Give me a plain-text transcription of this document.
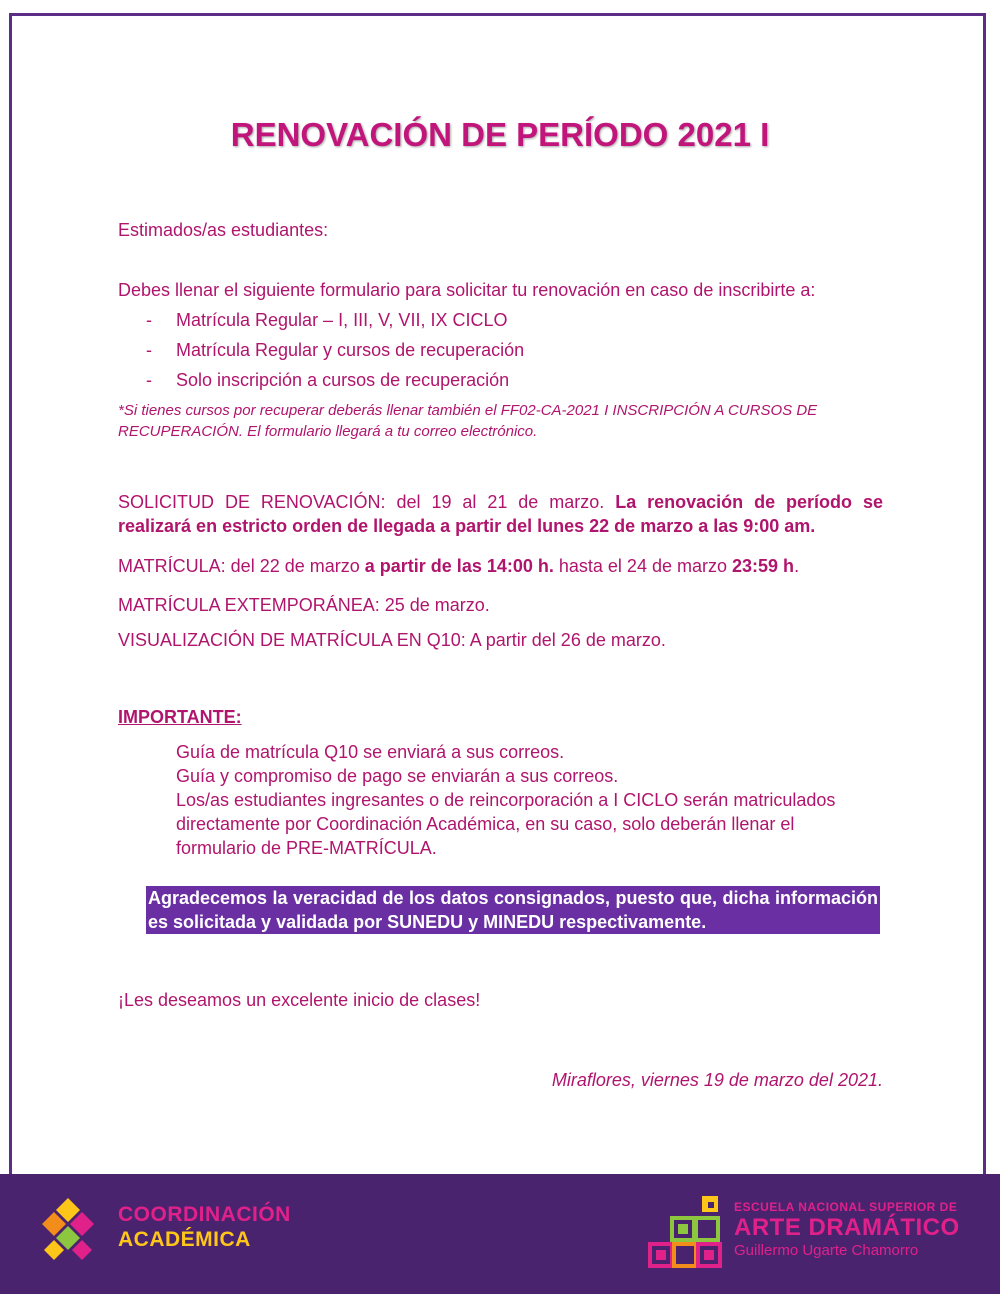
RENOVACIÓN DE PERÍODO 2021 I
Estimados/as estudiantes:
Debes llenar el siguiente formulario para solicitar tu renovación en caso de inscribirte a:
- Matrícula Regular – I, III, V, VII, IX CICLO
- Matrícula Regular y cursos de recuperación
- Solo inscripción a cursos de recuperación
*Si tienes cursos por recuperar deberás llenar también el FF02-CA-2021 I INSCRIPCIÓN A CURSOS DE RECUPERACIÓN. El formulario llegará a tu correo electrónico.
SOLICITUD DE RENOVACIÓN: del 19 al 21 de marzo. La renovación de período se realizará en estricto orden de llegada a partir del lunes 22 de marzo a las 9:00 am.
MATRÍCULA: del 22 de marzo a partir de las 14:00 h. hasta el 24 de marzo 23:59 h.
MATRÍCULA EXTEMPORÁNEA: 25 de marzo.
VISUALIZACIÓN DE MATRÍCULA EN Q10: A partir del 26 de marzo.
IMPORTANTE:
Guía de matrícula Q10 se enviará a sus correos.
Guía y compromiso de pago se enviarán a sus correos.
Los/as estudiantes ingresantes o de reincorporación a I CICLO serán matriculados directamente por Coordinación Académica, en su caso, solo deberán llenar el formulario de PRE-MATRÍCULA.
Agradecemos la veracidad de los datos consignados, puesto que, dicha información es solicitada y validada por SUNEDU y MINEDU respectivamente.
¡Les deseamos un excelente inicio de clases!
Miraflores, viernes 19 de marzo del 2021.
COORDINACIÓN
ACADÉMICA
ESCUELA NACIONAL SUPERIOR DE
ARTE DRAMÁTICO
Guillermo Ugarte Chamorro
